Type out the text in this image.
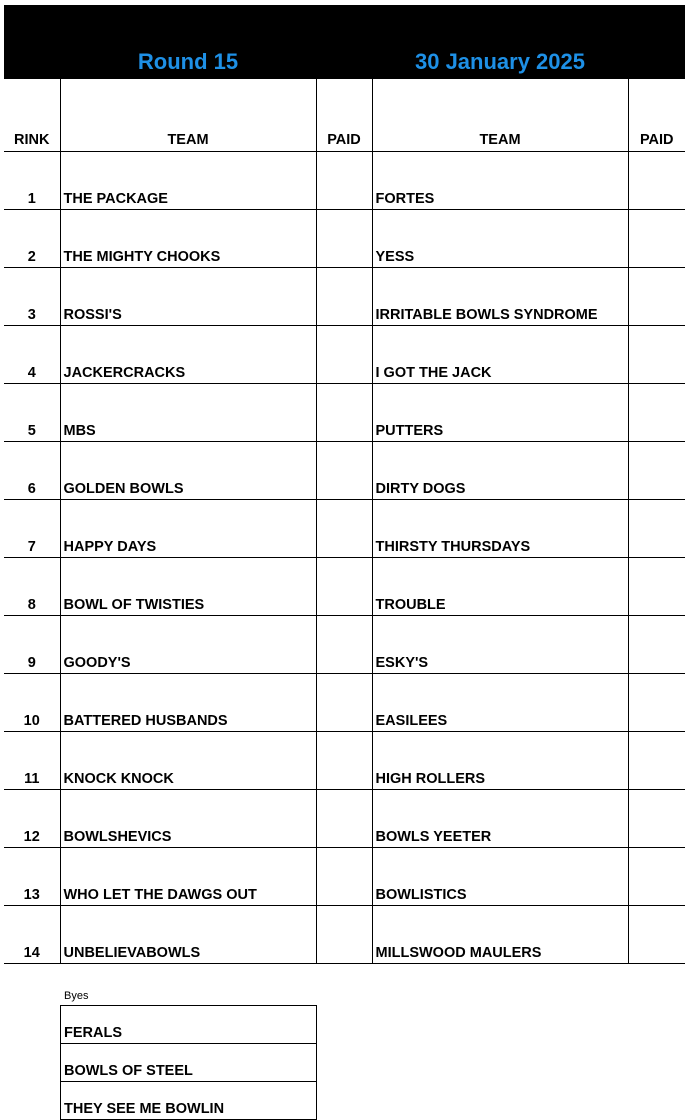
Round 15	30 January 2025
RINK	TEAM	PAID	TEAM	PAID
1	THE PACKAGE		FORTES	
2	THE MIGHTY CHOOKS		YESS	
3	ROSSI'S		IRRITABLE BOWLS SYNDROME	
4	JACKERCRACKS		I GOT THE JACK	
5	MBS		PUTTERS	
6	GOLDEN BOWLS		DIRTY DOGS	
7	HAPPY DAYS		THIRSTY THURSDAYS	
8	BOWL OF TWISTIES		TROUBLE	
9	GOODY'S		ESKY'S	
10	BATTERED HUSBANDS		EASILEES	
11	KNOCK KNOCK		HIGH ROLLERS	
12	BOWLSHEVICS		BOWLS YEETER	
13	WHO LET THE DAWGS OUT		BOWLISTICS	
14	UNBELIEVABOWLS		MILLSWOOD MAULERS	
Byes
FERALS
BOWLS OF STEEL
THEY SEE ME BOWLIN
